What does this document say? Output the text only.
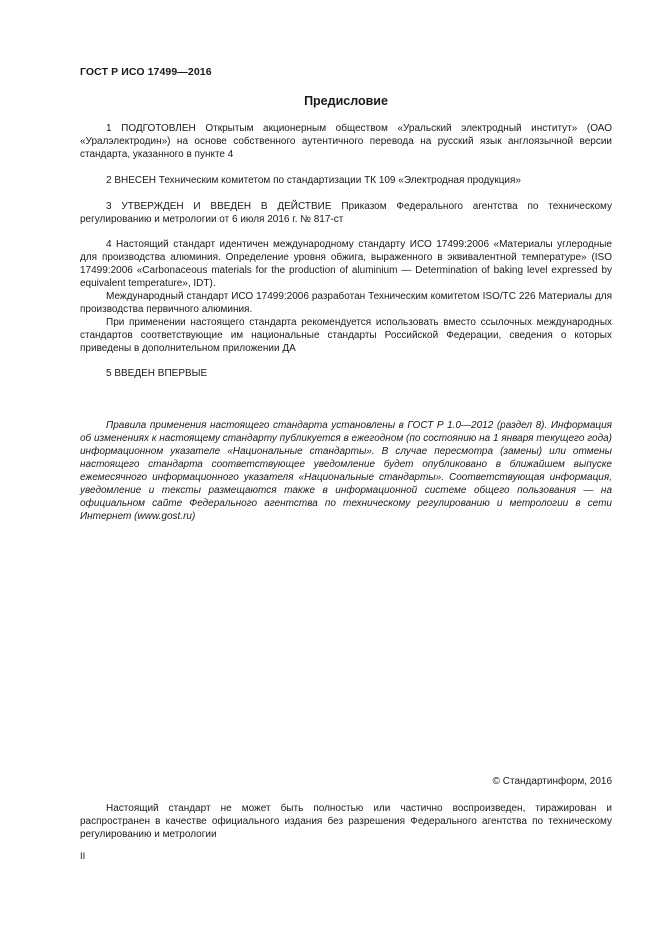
ГОСТ Р ИСО 17499—2016
Предисловие

1 ПОДГОТОВЛЕН Открытым акционерным обществом «Уральский электродный институт» (ОАО «Уралэлектродин») на основе собственного аутентичного перевода на русский язык англоязычной версии стандарта, указанного в пункте 4

2 ВНЕСЕН Техническим комитетом по стандартизации ТК 109 «Электродная продукция»

3 УТВЕРЖДЕН И ВВЕДЕН В ДЕЙСТВИЕ Приказом Федерального агентства по техническому регулированию и метрологии от 6 июля 2016 г. № 817-ст

4 Настоящий стандарт идентичен международному стандарту ИСО 17499:2006 «Материалы углеродные для производства алюминия. Определение уровня обжига, выраженного в эквивалентной температуре» (ISO 17499:2006 «Carbonaceous materials for the production of aluminium — Determination of baking level expressed by equivalent temperature», IDT).

Международный стандарт ИСО 17499:2006 разработан Техническим комитетом ISO/TC 226 Материалы для производства первичного алюминия.

При применении настоящего стандарта рекомендуется использовать вместо ссылочных международных стандартов соответствующие им национальные стандарты Российской Федерации, сведения о которых приведены в дополнительном приложении ДА

5 ВВЕДЕН ВПЕРВЫЕ

Правила применения настоящего стандарта установлены в ГОСТ Р 1.0—2012 (раздел 8). Информация об изменениях к настоящему стандарту публикуется в ежегодном (по состоянию на 1 января текущего года) информационном указателе «Национальные стандарты». В случае пересмотра (замены) или отмены настоящего стандарта соответствующее уведомление будет опубликовано в ближайшем выпуске ежемесячного информационного указателя «Национальные стандарты». Соответствующая информация, уведомление и тексты размещаются также в информационной системе общего пользования — на официальном сайте Федерального агентства по техническому регулированию и метрологии в сети Интернет (www.gost.ru)

© Стандартинформ, 2016

Настоящий стандарт не может быть полностью или частично воспроизведен, тиражирован и распространен в качестве официального издания без разрешения Федерального агентства по техническому регулированию и метрологии

II
